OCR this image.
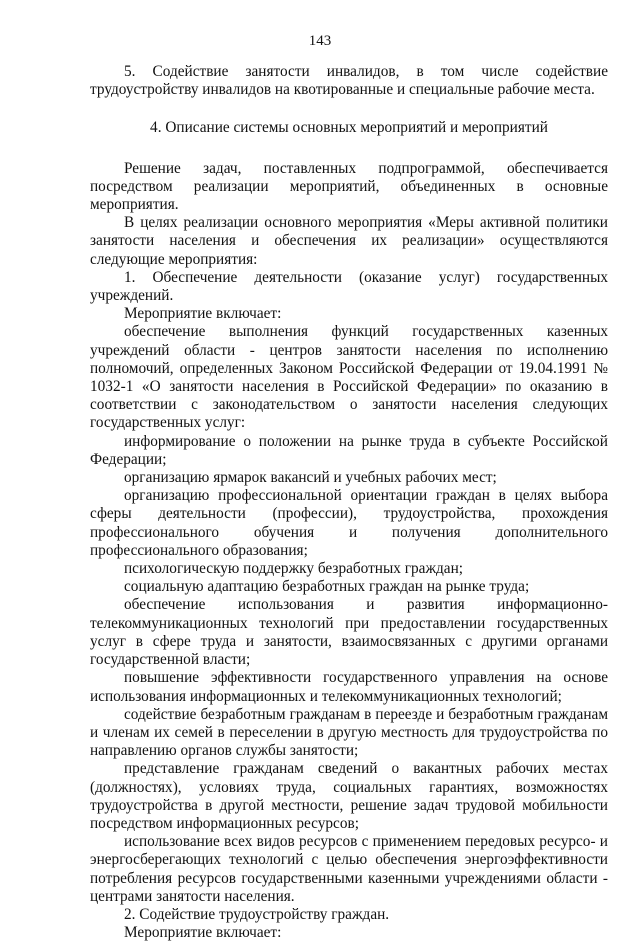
143

5. Содействие занятости инвалидов, в том числе содействие трудоустройству инвалидов на квотированные и специальные рабочие места.

4. Описание системы основных мероприятий и мероприятий

Решение задач, поставленных подпрограммой, обеспечивается посредством реализации мероприятий, объединенных в основные мероприятия.

В целях реализации основного мероприятия «Меры активной политики занятости населения и обеспечения их реализации» осуществляются следующие мероприятия:

1. Обеспечение деятельности (оказание услуг) государственных учреждений.

Мероприятие включает:

обеспечение выполнения функций государственных казенных учреждений области - центров занятости населения по исполнению полномочий, определенных Законом Российской Федерации от 19.04.1991 № 1032-1 «О занятости населения в Российской Федерации» по оказанию в соответствии с законодательством о занятости населения следующих государственных услуг:

информирование о положении на рынке труда в субъекте Российской Федерации;

организацию ярмарок вакансий и учебных рабочих мест;

организацию профессиональной ориентации граждан в целях выбора сферы деятельности (профессии), трудоустройства, прохождения профессионального обучения и получения дополнительного профессионального образования;

психологическую поддержку безработных граждан;

социальную адаптацию безработных граждан на рынке труда;

обеспечение использования и развития информационно-телекоммуникационных технологий при предоставлении государственных услуг в сфере труда и занятости, взаимосвязанных с другими органами государственной власти;

повышение эффективности государственного управления на основе использования информационных и телекоммуникационных технологий;

содействие безработным гражданам в переезде и безработным гражданам и членам их семей в переселении в другую местность для трудоустройства по направлению органов службы занятости;

представление гражданам сведений о вакантных рабочих местах (должностях), условиях труда, социальных гарантиях, возможностях трудоустройства в другой местности, решение задач трудовой мобильности посредством информационных ресурсов;

использование всех видов ресурсов с применением передовых ресурсо- и энергосберегающих технологий с целью обеспечения энергоэффективности потребления ресурсов государственными казенными учреждениями области - центрами занятости населения.

2. Содействие трудоустройству граждан.

Мероприятие включает:
